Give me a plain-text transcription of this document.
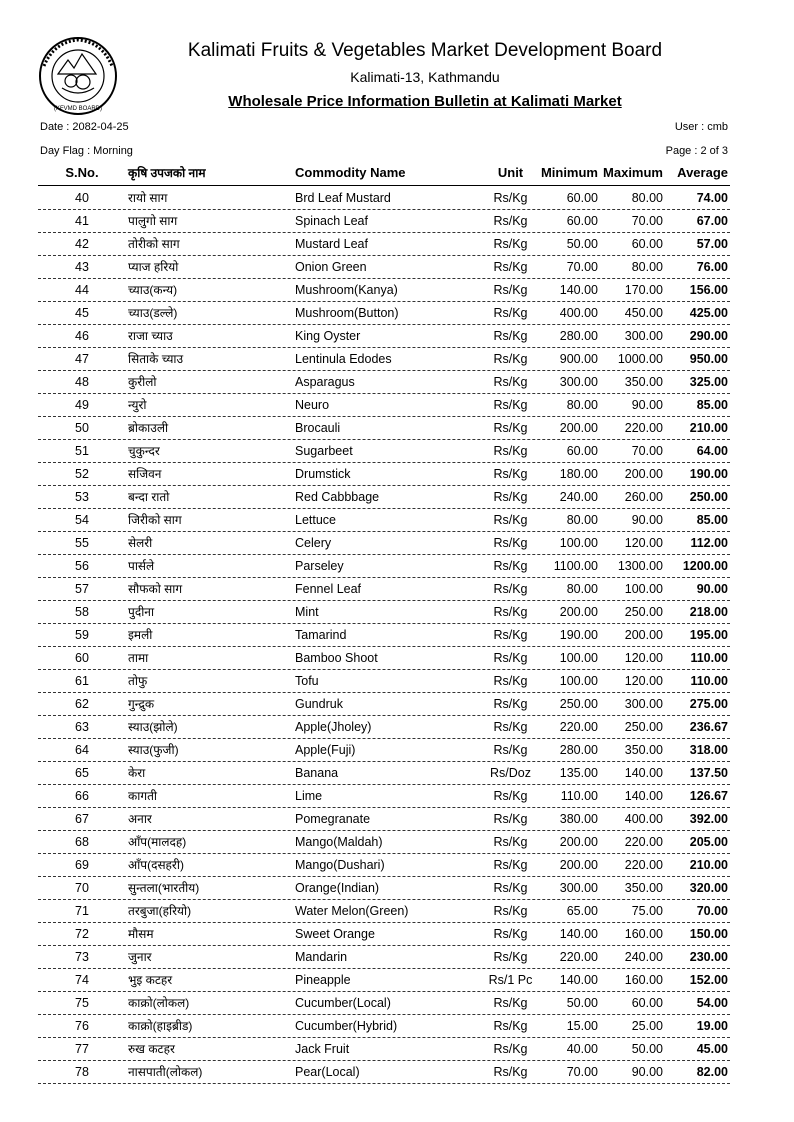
(KFVMD BOARD)
Kalimati Fruits & Vegetables Market Development Board
Kalimati-13, Kathmandu
Wholesale Price Information Bulletin at Kalimati Market
Date : 2082-04-25	User : cmb
Day Flag : Morning	Page : 2 of 3
S.No.	कृषि उपजको नाम	Commodity Name	Unit	Minimum Maximum	Average
40	रायो साग	Brd Leaf Mustard	Rs/Kg	60.00	80.00	74.00
41	पालुगो साग	Spinach Leaf	Rs/Kg	60.00	70.00	67.00
42	तोरीको साग	Mustard Leaf	Rs/Kg	50.00	60.00	57.00
43	प्याज हरियो	Onion Green	Rs/Kg	70.00	80.00	76.00
44	च्याउ(कन्य)	Mushroom(Kanya)	Rs/Kg	140.00	170.00	156.00
45	च्याउ(डल्ले)	Mushroom(Button)	Rs/Kg	400.00	450.00	425.00
46	राजा च्याउ	King Oyster	Rs/Kg	280.00	300.00	290.00
47	सिताके च्याउ	Lentinula Edodes	Rs/Kg	900.00	1000.00	950.00
48	कुरीलो	Asparagus	Rs/Kg	300.00	350.00	325.00
49	न्युरो	Neuro	Rs/Kg	80.00	90.00	85.00
50	ब्रोकाउली	Brocauli	Rs/Kg	200.00	220.00	210.00
51	चुकुन्दर	Sugarbeet	Rs/Kg	60.00	70.00	64.00
52	सजिवन	Drumstick	Rs/Kg	180.00	200.00	190.00
53	बन्दा रातो	Red Cabbbage	Rs/Kg	240.00	260.00	250.00
54	जिरीको साग	Lettuce	Rs/Kg	80.00	90.00	85.00
55	सेलरी	Celery	Rs/Kg	100.00	120.00	112.00
56	पार्सले	Parseley	Rs/Kg	1100.00	1300.00	1200.00
57	सौफको साग	Fennel Leaf	Rs/Kg	80.00	100.00	90.00
58	पुदीना	Mint	Rs/Kg	200.00	250.00	218.00
59	इमली	Tamarind	Rs/Kg	190.00	200.00	195.00
60	तामा	Bamboo Shoot	Rs/Kg	100.00	120.00	110.00
61	तोफु	Tofu	Rs/Kg	100.00	120.00	110.00
62	गुन्द्रुक	Gundruk	Rs/Kg	250.00	300.00	275.00
63	स्याउ(झोले)	Apple(Jholey)	Rs/Kg	220.00	250.00	236.67
64	स्याउ(फुजी)	Apple(Fuji)	Rs/Kg	280.00	350.00	318.00
65	केरा	Banana	Rs/Doz	135.00	140.00	137.50
66	कागती	Lime	Rs/Kg	110.00	140.00	126.67
67	अनार	Pomegranate	Rs/Kg	380.00	400.00	392.00
68	आँप(मालदह)	Mango(Maldah)	Rs/Kg	200.00	220.00	205.00
69	आँप(दसहरी)	Mango(Dushari)	Rs/Kg	200.00	220.00	210.00
70	सुन्तला(भारतीय)	Orange(Indian)	Rs/Kg	300.00	350.00	320.00
71	तरबुजा(हरियो)	Water Melon(Green)	Rs/Kg	65.00	75.00	70.00
72	मौसम	Sweet Orange	Rs/Kg	140.00	160.00	150.00
73	जुनार	Mandarin	Rs/Kg	220.00	240.00	230.00
74	भुइ कटहर	Pineapple	Rs/1 Pc	140.00	160.00	152.00
75	काक्रो(लोकल)	Cucumber(Local)	Rs/Kg	50.00	60.00	54.00
76	काक्रो(हाइब्रीड)	Cucumber(Hybrid)	Rs/Kg	15.00	25.00	19.00
77	रुख कटहर	Jack Fruit	Rs/Kg	40.00	50.00	45.00
78	नासपाती(लोकल)	Pear(Local)	Rs/Kg	70.00	90.00	82.00
